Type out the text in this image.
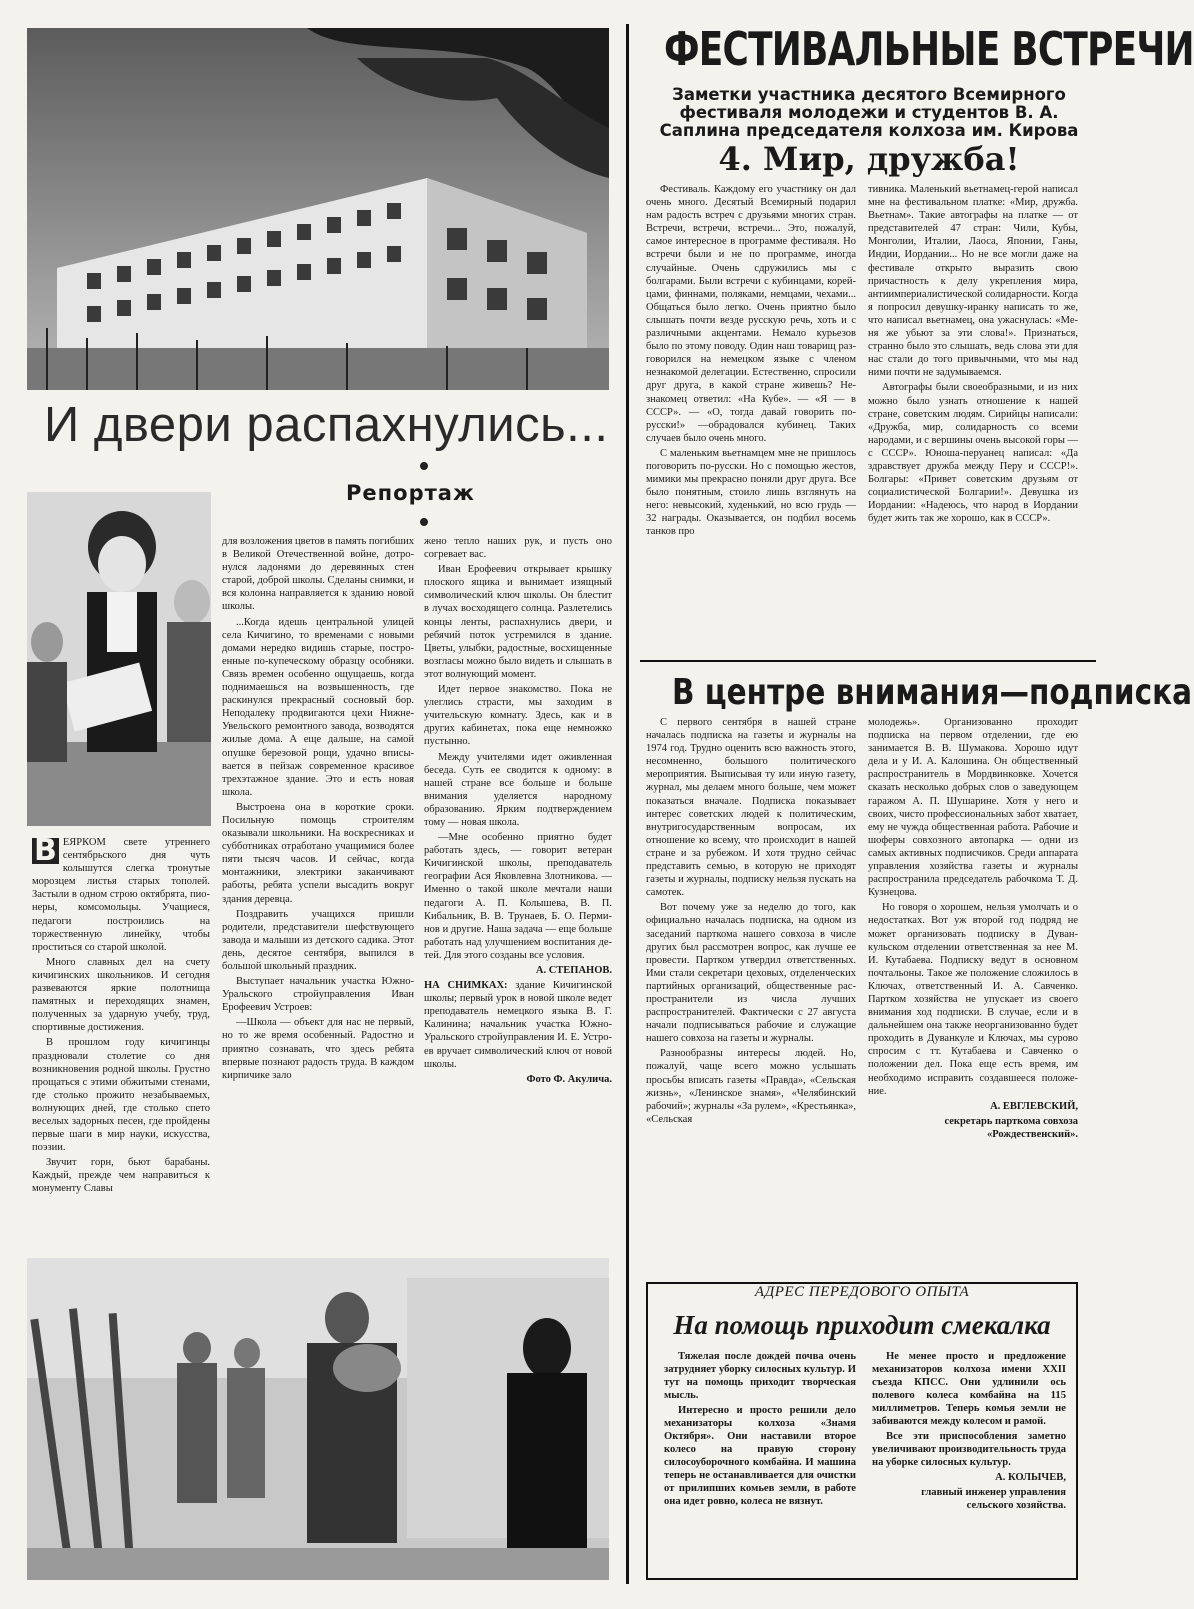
И двери распахнулись...
Репортаж

В ЕЯРКОМ свете утреннего сентябрьского дня чуть колышутся слегка тронутые морозцем листья старых тополей. Застыли в одном строю октябрята, пионеры, комсомольцы. Учащиеся, педагоги построились на торжественную линейку, чтобы проститься со старой школой.

Много славных дел на счету кичигинских школьников. И сегодня развеваются яркие полотнища памятных и переходящих знамен, полученных за ударную учебу, труд, спортивные достижения.

В прошлом году кичигинцы праздновали столетие со дня возникновения родной школы. Грустно прощаться с этими обжитыми стенами, где столько прожито незабываемых, волнующих дней, где столько спето веселых задорных песен, где пройдены первые шаги в мир науки, искусства, поэзии.

Звучит горн, бьют барабаны. Каждый, прежде чем направиться к монументу Славы

для возложения цветов в память погибших в Великой Отечественной войне, дотронулся ладонями до деревянных стен старой, доброй школы. Сделаны снимки, и вся колонна направляется к зданию новой школы.

...Когда идешь центральной улицей села Кичигино, то временами с новыми домами нередко видишь старые, построенные по-купеческому образцу особняки. Связь времен особенно ощущаешь, когда поднимаешься на возвышенность, где раскинулся прекрасный сосновый бор. Неподалеку продвигаются цехи Нижне-Увельского ремонтного завода, возводятся жилые дома. А еще дальше, на самой опушке березовой рощи, удачно вписывается в пейзаж современное красивое трехэтажное здание. Это и есть новая школа.

Выстроена она в короткие сроки. Посильную помощь строителям оказывали школьники. На воскресниках и субботниках отработано учащимися более пяти тысяч часов. И сейчас, когда монтажники, электрики заканчивают работы, ребята успели высадить вокруг здания деревца.

Поздравить учащихся пришли родители, представители шефствующего завода и малыши из детского садика. Этот день, десятое сентября, выпился в большой школьный праздник.

Выступает начальник участка Южно-Уральского стройуправления Иван Ерофеевич Устроев:

—Школа — объект для нас не первый, но то же время особенный. Радостно и приятно сознавать, что здесь ребята впервые познают радость труда. В каждом кирпичике зало

жено тепло наших рук, и пусть оно согревает вас.

Иван Ерофеевич открывает крышку плоского ящика и вынимает изящный символический ключ школы. Он блестит в лучах восходящего солнца. Разлетелись концы ленты, распахнулись двери, и ребячий поток устремился в здание. Цветы, улыбки, радостные, восхищенные возгласы можно было видеть и слышать в этот волнующий момент.

Идет первое знакомство. Пока не улеглись страсти, мы заходим в учительскую комнату. Здесь, как и в других кабинетах, пока еще немножко пустынно.

Между учителями идет оживленная беседа. Суть ее сводится к одному: в нашей стране все больше и больше внимания уделяется народному образованию. Ярким подтверждением тому — новая школа.

—Мне особенно приятно будет работать здесь, — говорит ветеран Кичигинской школы, преподаватель географии Ася Яковлевна Злотникова. — Именно о такой школе мечтали наши педагоги А. П. Колышева, В. П. Кибальник, В. В. Трунаев, Б. О. Перминов и другие. Наша задача — еще больше работать над улучшением воспитания детей. Для этого созданы все условия.

А. СТЕПАНОВ.

НА СНИМКАХ: здание Кичигинской школы; первый урок в новой школе ведет преподаватель немецкого языка В. Г. Калинина; начальник участка Южно-Уральского стройуправления И. Е. Устроев вручает символический ключ от новой школы.

Фото Ф. Акулича.

ФЕСТИВАЛЬНЫЕ ВСТРЕЧИ
Заметки участника десятого Всемирного фестиваля молодежи и студентов В. А. Саплина председателя колхоза им. Кирова
4. Мир, дружба!

Фестиваль. Каждому его участнику он дал очень много. Десятый Всемирный подарил нам радость встреч с друзьями многих стран. Встречи, встречи, встречи... Это, пожалуй, самое интересное в программе фестиваля. Но встречи были и не по программе, иногда случайные. Очень сдружились мы с болгарами. Были встречи с кубинцами, корейцами, финнами, поляками, немцами, чехами... Общаться было легко. Очень приятно было слышать почти везде русскую речь, хоть и с различными акцентами. Немало курьезов было по этому поводу. Один наш товарищ разговорился на немецком языке с членом незнакомой делегации. Естественно, спросили друг друга, в какой стране живешь? Незнакомец ответил: «На Кубе». — «Я — в СССР». — «О, тогда давай говорить по-русски!» —обрадовался кубинец. Таких случаев было очень много.

С маленьким вьетнамцем мне не пришлось поговорить по-русски. Но с помощью жестов, мимики мы прекрасно поняли друг друга. Все было понятным, стоило лишь взглянуть на него: невысокий, худенький, но всю грудь — 32 награды. Оказывается, он подбил восемь танков про

тивника. Маленький вьетнамец-герой написал мне на фестивальном платке: «Мир, дружба. Вьетнам». Такие автографы на платке — от представителей 47 стран: Чили, Кубы, Монголии, Италии, Лаоса, Японии, Ганы, Индии, Иордании... Но не все могли даже на фестивале открыто выразить свою причастность к делу укрепления мира, антиимпериалистической солидарности. Когда я попросил девушку-иранку написать то же, что написал вьетнамец, она ужаснулась: «Меня же убьют за эти слова!». Признаться, странно было это слышать, ведь слова эти для нас стали до того привычными, что мы над ними почти не задумываемся.

Автографы были своеобразными, и из них можно было узнать отношение к нашей стране, советским людям. Сирийцы написали: «Дружба, мир, солидарность со всеми народами, и с вершины очень высокой горы — с СССР». Юноша-перуанец написал: «Да здравствует дружба между Перу и СССР!». Болгары: «Привет советским друзьям от социалистической Болгарии!». Девушка из Иордании: «Надеюсь, что народ в Иордании будет жить так же хорошо, как в СССР».

В центре внимания—подписка

С первого сентября в нашей стране началась подписка на газеты и журналы на 1974 год. Трудно оценить всю важность этого, несомненно, большого политического мероприятия. Выписывая ту или иную газету, журнал, мы делаем много больше, чем может показаться вначале. Подписка показывает интерес советских людей к политическим, внутригосударственным вопросам, их отношение ко всему, что происходит в нашей стране и за рубежом. И хотя трудно сейчас представить семью, в которую не приходят газеты и журналы, подписку нельзя пускать на самотек.

Вот почему уже за неделю до того, как официально началась подписка, на одном из заседаний парткома нашего совхоза в числе других был рассмотрен вопрос, как лучше ее провести. Партком утвердил ответственных. Ими стали секретари цеховых, отделенческих партийных организаций, общественные распространители из числа лучших распространителей. Фактически с 27 августа начали подписываться рабочие и служащие нашего совхоза на газеты и журналы.

Разнообразны интересы людей. Но, пожалуй, чаще всего можно услышать просьбы вписать газеты «Правда», «Сельская жизнь», «Ленинское знамя», «Челябинский рабочий»; журналы «За рулем», «Крестьянка», «Сельская

молодежь». Организованно проходит подписка на первом отделении, где ею занимается В. В. Шумакова. Хорошо идут дела и у И. А. Калошина. Он общественный распространитель в Мордвинковке. Хочется сказать несколько добрых слов о заведующем гаражом А. П. Шушарине. Хотя у него и своих, чисто профессиональных забот хватает, ему не чужда общественная работа. Рабочие и шоферы совхозного автопарка — одни из самых активных подписчиков. Среди аппарата управления хозяйства газеты и журналы распространила председатель рабочкома Т. Д. Кузнецова.

Но говоря о хорошем, нельзя умолчать и о недостатках. Вот уж второй год подряд не может организовать подписку в Дуванкульском отделении ответственная за нее М. И. Кутабаева. Подписку ведут в основном почтальоны. Такое же положение сложилось в Ключах, ответственный И. А. Савченко. Партком хозяйства не упускает из своего внимания ход подписки. В случае, если и в дальнейшем она также неорганизованно будет проходить в Дуванкуле и Ключах, мы сурово спросим с тт. Кутабаева и Савченко о положении дел. Пока еще есть время, им необходимо исправить создавшееся положение.

А. ЕВГЛЕВСКИЙ,

секретарь парткома совхоза «Рождественский».

АДРЕС ПЕРЕДОВОГО ОПЫТА
На помощь приходит смекалка

Тяжелая после дождей почва очень затрудняет уборку силосных культур. И тут на помощь приходит творческая мысль.

Интересно и просто решили дело механизаторы колхоза «Знамя Октября». Они наставили второе колесо на правую сторону силосоуборочного комбайна. И машина теперь не останавливается для очистки от прилипших комьев земли, в работе она идет ровно, колеса не вязнут.

Не менее просто и предложение механизаторов колхоза имени XXII съезда КПСС. Они удлинили ось полевого колеса комбайна на 115 миллиметров. Теперь комья земли не забиваются между колесом и рамой.

Все эти приспособления заметно увеличивают производительность труда на уборке силосных культур.

А. КОЛЫЧЕВ,

главный инженер управления сельского хозяйства.
